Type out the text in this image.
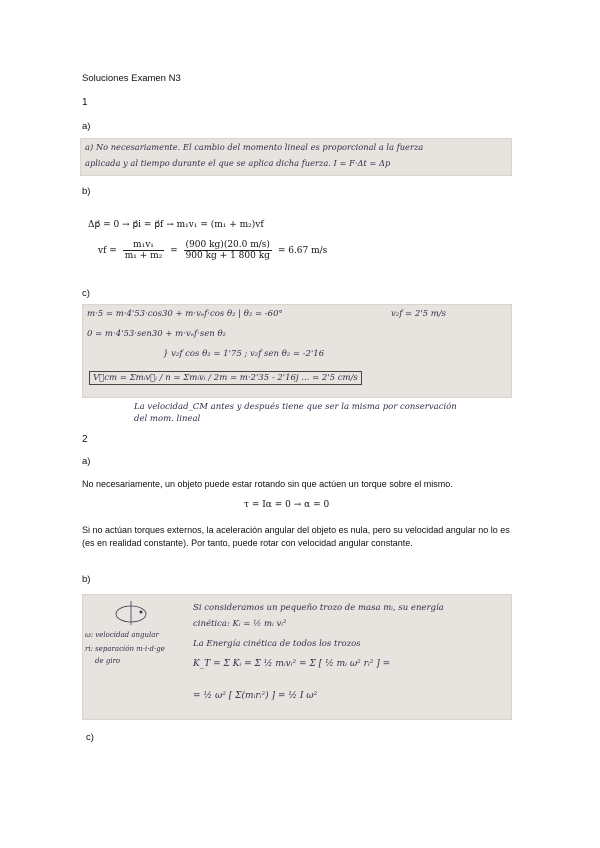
Soluciones Examen N3
1
a)
a) No necesariamente. El cambio del momento lineal es proporcional a la fuerza
aplicada y al tiempo durante el que se aplica dicha fuerza. I = F·Δt = Δp
b)
Δp⃗ = 0 → p⃗i = p⃗f → m₁v₁ = (m₁ + m₂)vf
vf = $\frac{\text{m₁v₁}}{\text{m₁ + m₂}} = \frac{(900 kg)(20.0 m/s)}{900 kg + 1 800 kg} = 6.67$ m/s
c)
m·5 = m·4'53·cos30 + m·vₑf·cos θ₂ | θ₂ = -60°	v₂f = 2'5 m/s
0 = m·4'53·sen30 + m·vₑf·sen θ₂
} v₂f cos θ₂ = 1'75 ; v₂f sen θ₂ = -2'16
V⃗cm = Σmᵢv⃗ᵢ / n = Σmᵢvᵢ / 2m = m·2'35 - 2'16j ... = 2'5 cm/s
La velocidad_CM antes y después tiene que ser la misma por conservación
del mom. lineal
2
a)
No necesariamente, un objeto puede estar rotando sin que actúen un torque sobre el mismo.
τ = Iα = 0 → α = 0
Si no actúan torques externos, la aceleración angular del objeto es nula, pero su velocidad angular no lo es (es en realidad constante). Por tanto, puede rotar con velocidad angular constante.
b)
ω: velocidad angular
ri: separación m·i·d·ge
de giro
Si consideramos un pequeño trozo de masa mᵢ, su energía
cinética: Kᵢ = ½ mᵢ vᵢ²
La Energía cinética de todos los trozos
K_T = Σ Kᵢ = Σ ½ mᵢvᵢ² = Σ [ ½ mᵢ ω² rᵢ² ] =
= ½ ω² [ Σ(mᵢrᵢ²) ] = ½ I ω²
c)
